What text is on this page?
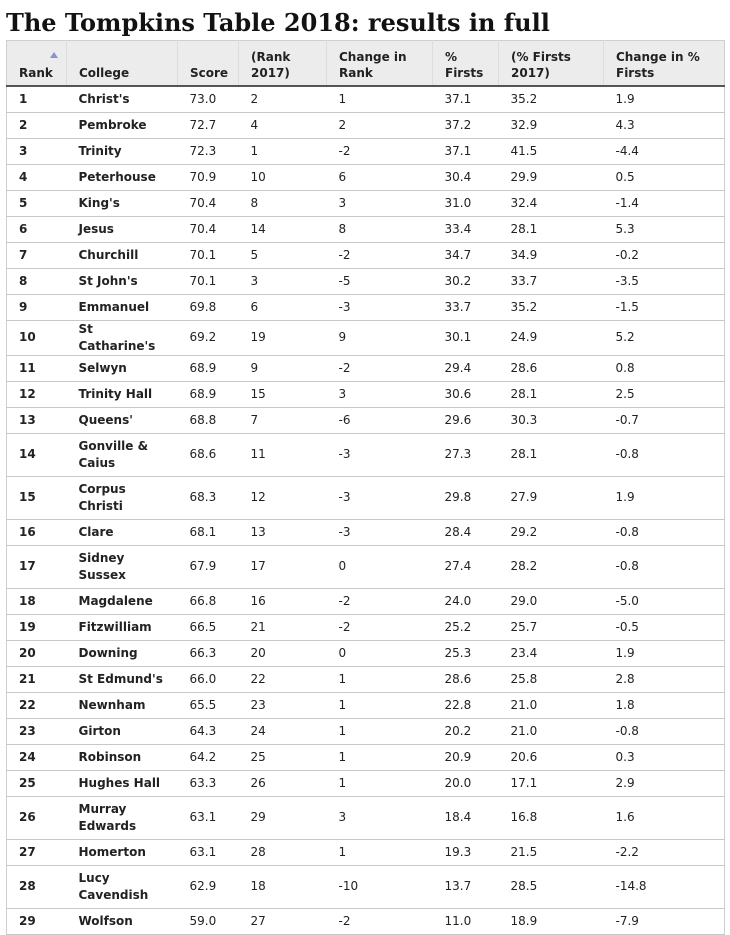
The Tompkins Table 2018: results in full
Rank	College	Score	(Rank 2017)	Change in Rank	% Firsts	(% Firsts 2017)	Change in % Firsts
1	Christ's	73.0	2	1	37.1	35.2	1.9
2	Pembroke	72.7	4	2	37.2	32.9	4.3
3	Trinity	72.3	1	-2	37.1	41.5	-4.4
4	Peterhouse	70.9	10	6	30.4	29.9	0.5
5	King's	70.4	8	3	31.0	32.4	-1.4
6	Jesus	70.4	14	8	33.4	28.1	5.3
7	Churchill	70.1	5	-2	34.7	34.9	-0.2
8	St John's	70.1	3	-5	30.2	33.7	-3.5
9	Emmanuel	69.8	6	-3	33.7	35.2	-1.5
10	St Catharine's	69.2	19	9	30.1	24.9	5.2
11	Selwyn	68.9	9	-2	29.4	28.6	0.8
12	Trinity Hall	68.9	15	3	30.6	28.1	2.5
13	Queens'	68.8	7	-6	29.6	30.3	-0.7
14	Gonville & Caius	68.6	11	-3	27.3	28.1	-0.8
15	Corpus Christi	68.3	12	-3	29.8	27.9	1.9
16	Clare	68.1	13	-3	28.4	29.2	-0.8
17	Sidney Sussex	67.9	17	0	27.4	28.2	-0.8
18	Magdalene	66.8	16	-2	24.0	29.0	-5.0
19	Fitzwilliam	66.5	21	-2	25.2	25.7	-0.5
20	Downing	66.3	20	0	25.3	23.4	1.9
21	St Edmund's	66.0	22	1	28.6	25.8	2.8
22	Newnham	65.5	23	1	22.8	21.0	1.8
23	Girton	64.3	24	1	20.2	21.0	-0.8
24	Robinson	64.2	25	1	20.9	20.6	0.3
25	Hughes Hall	63.3	26	1	20.0	17.1	2.9
26	Murray Edwards	63.1	29	3	18.4	16.8	1.6
27	Homerton	63.1	28	1	19.3	21.5	-2.2
28	Lucy Cavendish	62.9	18	-10	13.7	28.5	-14.8
29	Wolfson	59.0	27	-2	11.0	18.9	-7.9
